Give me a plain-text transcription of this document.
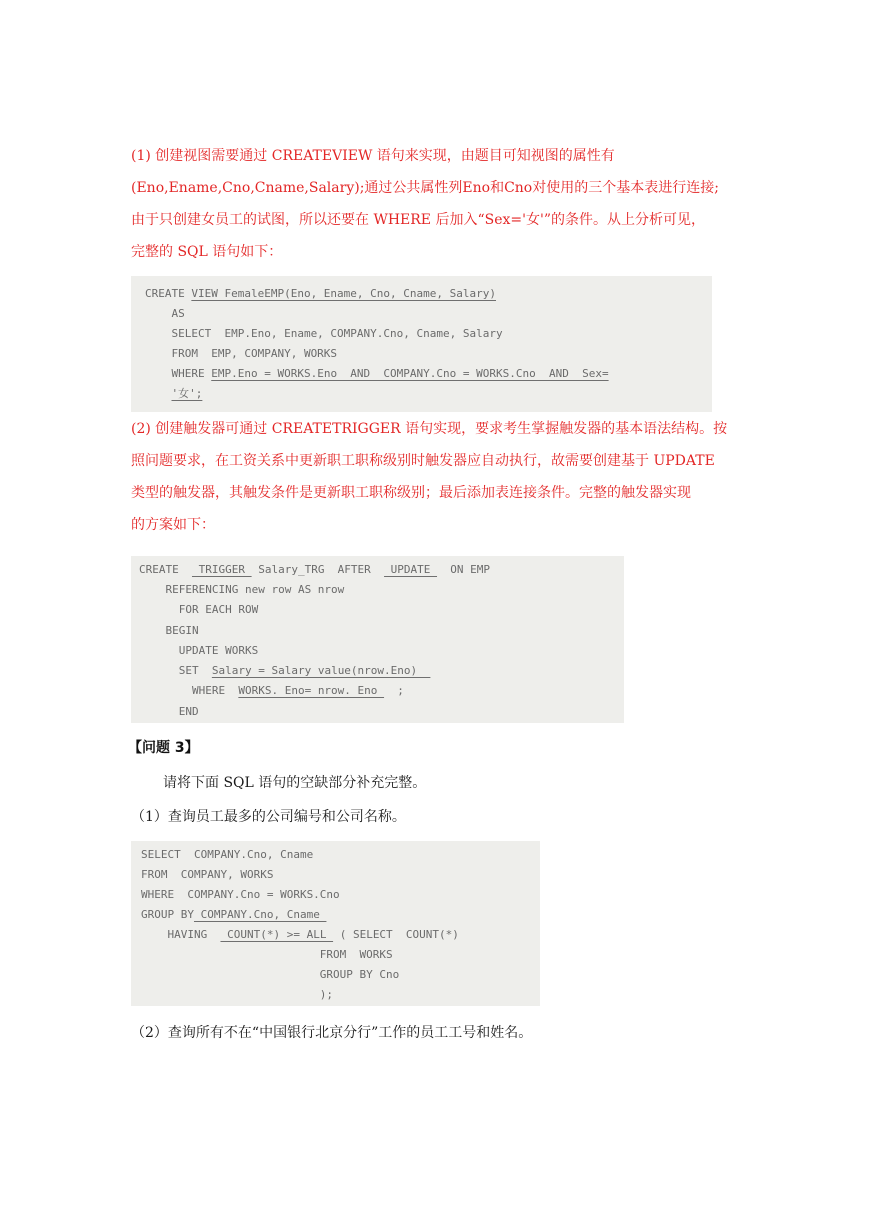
(1) 创建视图需要通过 CREATEVIEW 语句来实现，由题目可知视图的属性有

(Eno,Ename,Cno,Cname,Salary);通过公共属性列Eno和Cno对使用的三个基本表进行连接;

由于只创建女员工的试图，所以还要在 WHERE 后加入“Sex='女'”的条件。从上分析可见，

完整的 SQL 语句如下：

CREATE VIEW FemaleEMP(Eno, Ename, Cno, Cname, Salary)

AS

SELECT  EMP.Eno, Ename, COMPANY.Cno, Cname, Salary

FROM  EMP, COMPANY, WORKS

WHERE EMP.Eno = WORKS.Eno  AND  COMPANY.Cno = WORKS.Cno  AND  Sex=

'女';

(2) 创建触发器可通过 CREATETRIGGER 语句实现，要求考生掌握触发器的基本语法结构。按

照问题要求，在工资关系中更新职工职称级别时触发器应自动执行，故需要创建基于 UPDATE

类型的触发器，其触发条件是更新职工职称级别；最后添加表连接条件。完整的触发器实现

的方案如下：

CREATE   TRIGGER  Salary_TRG  AFTER   UPDATE   ON EMP

REFERENCING new row AS nrow

FOR EACH ROW

BEGIN

UPDATE WORKS

SET  Salary = Salary value(nrow.Eno)

WHERE  WORKS. Eno= nrow. Eno   ;

END

【问题 3】
请将下面 SQL 语句的空缺部分补充完整。
（1）查询员工最多的公司编号和公司名称。

SELECT  COMPANY.Cno, Cname

FROM  COMPANY, WORKS

WHERE  COMPANY.Cno = WORKS.Cno

GROUP BY COMPANY.Cno, Cname

HAVING   COUNT(*) >= ALL  ( SELECT  COUNT(*)

FROM  WORKS

GROUP BY Cno

);

（2）查询所有不在“中国银行北京分行”工作的员工工号和姓名。
